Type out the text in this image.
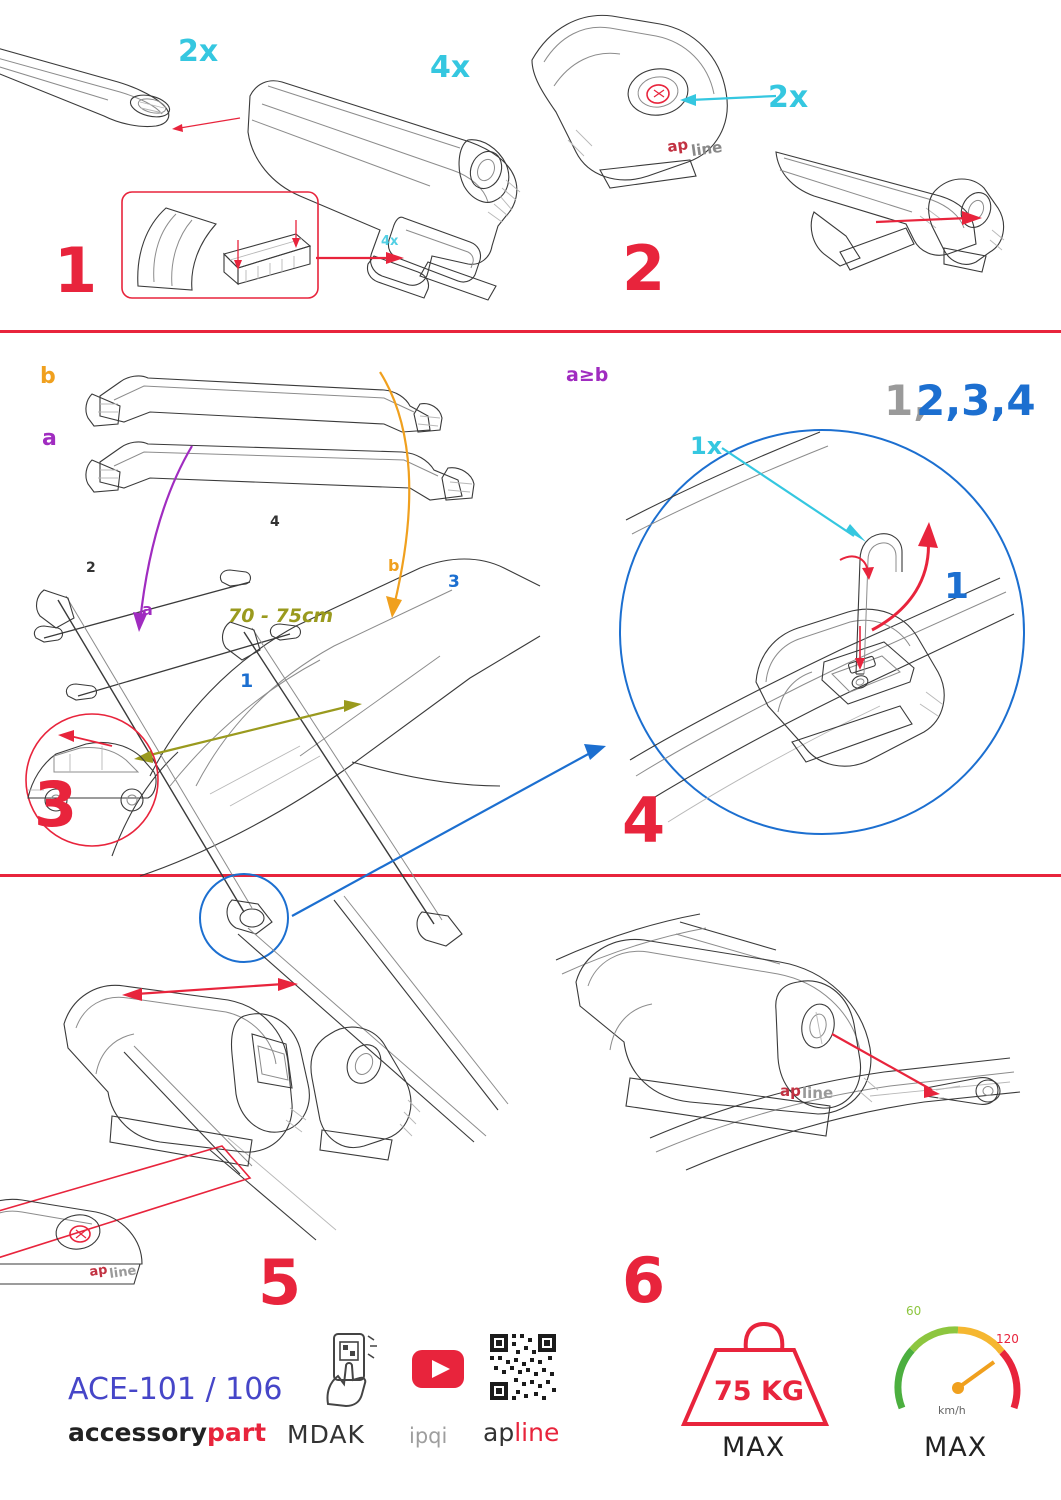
2x	4x
4x
1
ap line
2x
2
b
a
a≥b
a
b
70 - 75cm
1
2
3
4
3
1x
1,
2,3,4
1
4
ap line 5
ap line
6
ACE-101 / 106
accessorypart MDAK ipqi apline
75 KG
MAX
60
120
km/h
MAX
